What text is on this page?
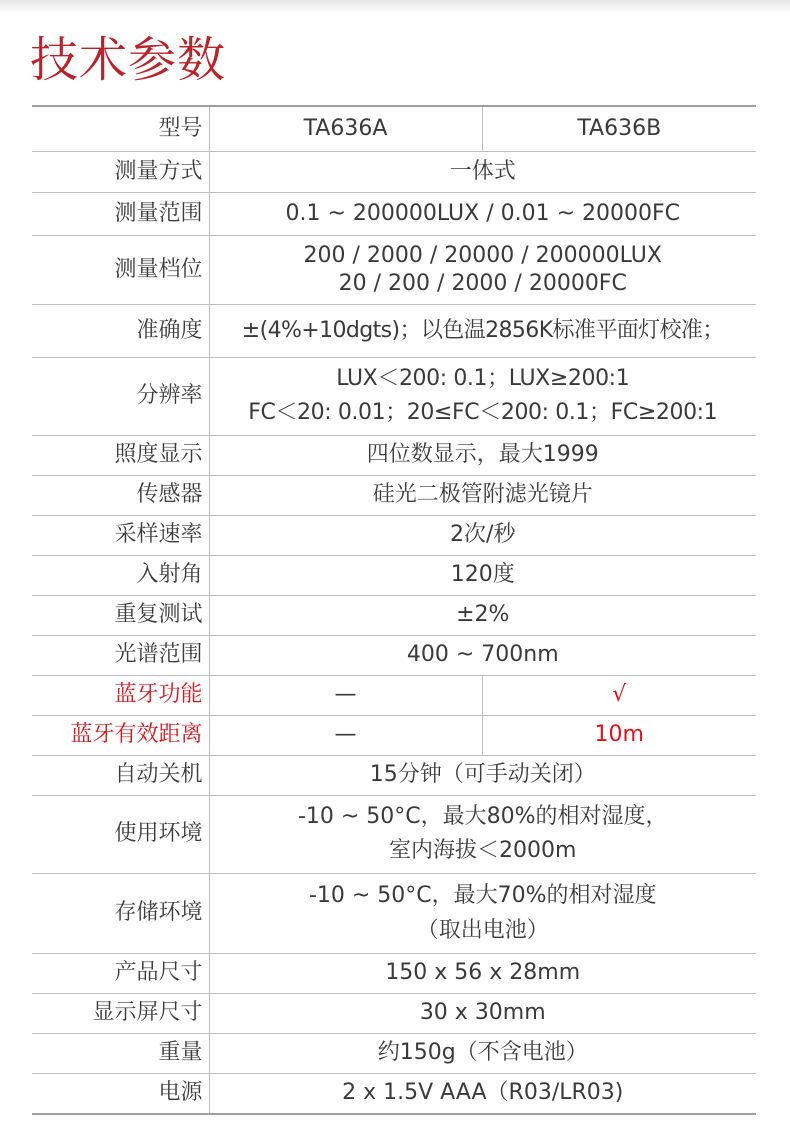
技术参数
型号	TA636A	TA636B
测量方式	一体式	
测量范围	0.1 ~ 200000LUX / 0.01 ~ 20000FC	
测量档位	200 / 2000 / 20000 / 200000LUX
20 / 200 / 2000 / 20000FC	

准确度	±(4%+10dgts)；以色温2856K标准平面灯校准；	
分辨率	LUX＜200: 0.1；LUX≥200:1
FC＜20: 0.01；20≤FC＜200: 0.1；FC≥200:1	

照度显示	四位数显示，最大1999	
传感器	硅光二极管附滤光镜片	
采样速率	2次/秒	
入射角	120度	
重复测试	±2%	
光谱范围	400 ~ 700nm	
蓝牙功能	—	√
蓝牙有效距离	—	10m
自动关机	15分钟（可手动关闭）	
使用环境	-10 ~ 50°C，最大80%的相对湿度，
室内海拔＜2000m	

存储环境	-10 ~ 50°C，最大70%的相对湿度
（取出电池）	

产品尺寸	150 x 56 x 28mm	
显示屏尺寸	30 x 30mm	
重量	约150g（不含电池）	
电源	2 x 1.5V AAA（R03/LR03)	
